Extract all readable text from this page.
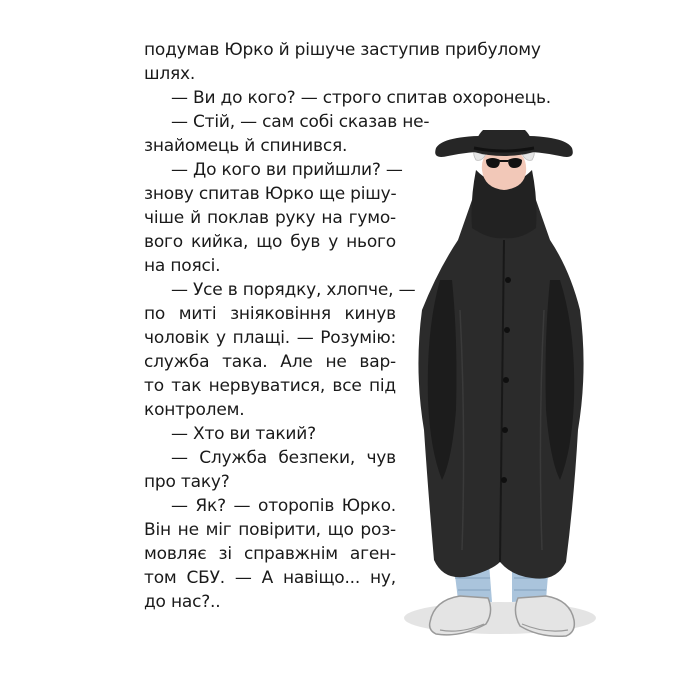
подумав Юрко й рішуче заступив прибулому
шлях.
— Ви до кого? — строго спитав охоронець.
— Стій, — сам собі сказав не-
знайомець й спинився.
— До кого ви прийшли? —
знову спитав Юрко ще рішу-
чіше й поклав руку на гумо-
вого кийка, що був у нього
на поясі.
— Усе в порядку, хлопче, —
по миті зніяковіння кинув
чоловік у плащі. — Розумію:
служба така. Але не вар-
то так нервуватися, все під
контролем.
— Хто ви такий?
— Служба безпеки, чув
про таку?
— Як? — оторопів Юрко.
Він не міг повірити, що роз-
мовляє зі справжнім аген-
том СБУ. — А навіщо... ну,
до нас?..
